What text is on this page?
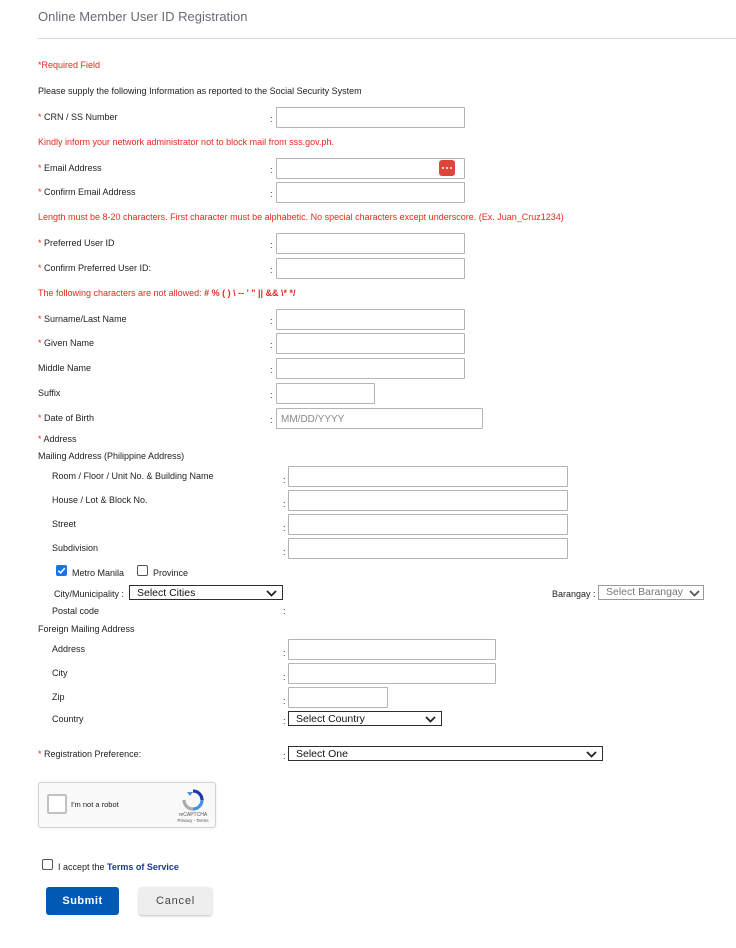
Online Member User ID Registration
*Required Field
Please supply the following Information as reported to the Social Security System
* CRN / SS Number	:
Kindly inform your network administrator not to block mail from sss.gov.ph.
* Email Address	:
* Confirm Email Address	:
Length must be 8-20 characters. First character must be alphabetic. No special characters except underscore. (Ex. Juan_Cruz1234)
* Preferred User ID	:
* Confirm Preferred User ID:	:
The following characters are not allowed: # % ( ) \ -- ' " || && \* */
* Surname/Last Name	:
* Given Name	:
Middle Name	:
Suffix	:
* Date of Birth	: MM/DD/YYYY
* Address
Mailing Address (Philippine Address)
Room / Floor / Unit No. & Building Name	:
House / Lot & Block No.	:
Street	:
Subdivision	:
Metro Manila	Province
City/Municipality :	Select Cities	Barangay : Select Barangay
Postal code	:
Foreign Mailing Address
Address	:
City	:
Zip	:
Country	: Select Country
* Registration Preference:	: Select One
I'm not a robot
reCAPTCHA
Privacy - Terms
I accept the Terms of Service
Submit	Cancel
